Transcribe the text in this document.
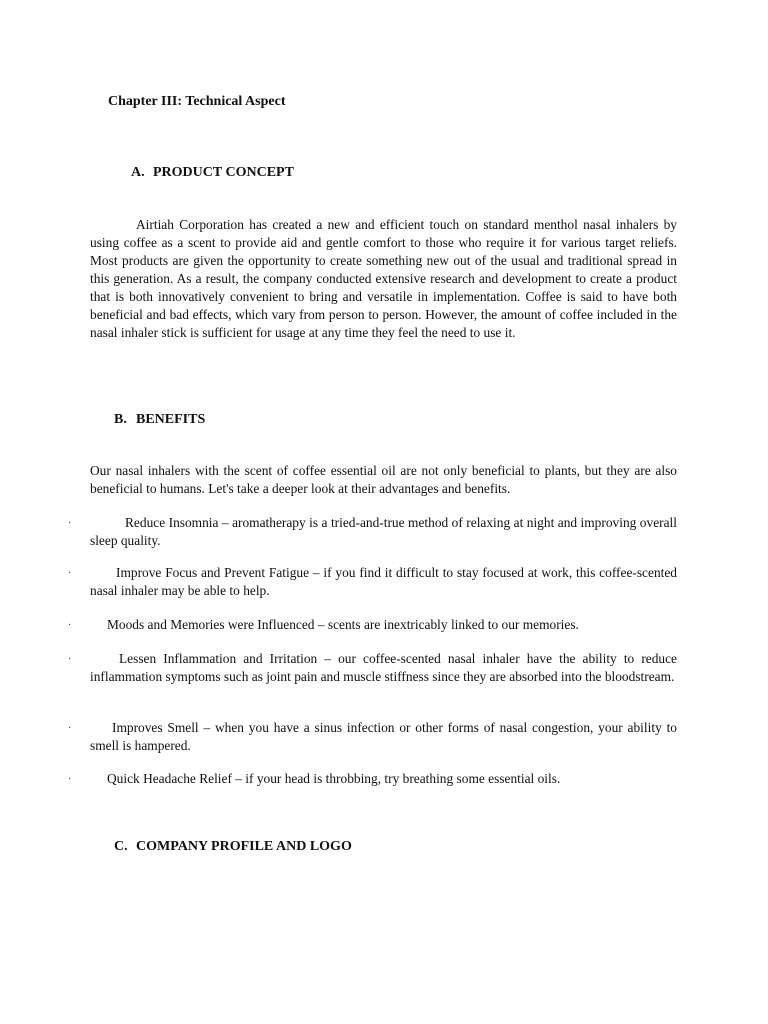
Chapter III: Technical Aspect
A. PRODUCT CONCEPT

Airtiah Corporation has created a new and efficient touch on standard menthol nasal inhalers by using coffee as a scent to provide aid and gentle comfort to those who require it for various target reliefs. Most products are given the opportunity to create something new out of the usual and traditional spread in this generation. As a result, the company conducted extensive research and development to create a product that is both innovatively convenient to bring and versatile in implementation. Coffee is said to have both beneficial and bad effects, which vary from person to person. However, the amount of coffee included in the nasal inhaler stick is sufficient for usage at any time they feel the need to use it.

B. BENEFITS

Our nasal inhalers with the scent of coffee essential oil are not only beneficial to plants, but they are also beneficial to humans. Let's take a deeper look at their advantages and benefits.

·	Reduce Insomnia – aromatherapy is a tried-and-true method of relaxing at night and improving overall sleep quality.

·	Improve Focus and Prevent Fatigue – if you find it difficult to stay focused at work, this coffee-scented nasal inhaler may be able to help.

·	Moods and Memories were Influenced – scents are inextricably linked to our memories.

·	Lessen Inflammation and Irritation – our coffee-scented nasal inhaler have the ability to reduce inflammation symptoms such as joint pain and muscle stiffness since they are absorbed into the bloodstream.

·	Improves Smell – when you have a sinus infection or other forms of nasal congestion, your ability to smell is hampered.

·	Quick Headache Relief – if your head is throbbing, try breathing some essential oils.

C. COMPANY PROFILE AND LOGO
